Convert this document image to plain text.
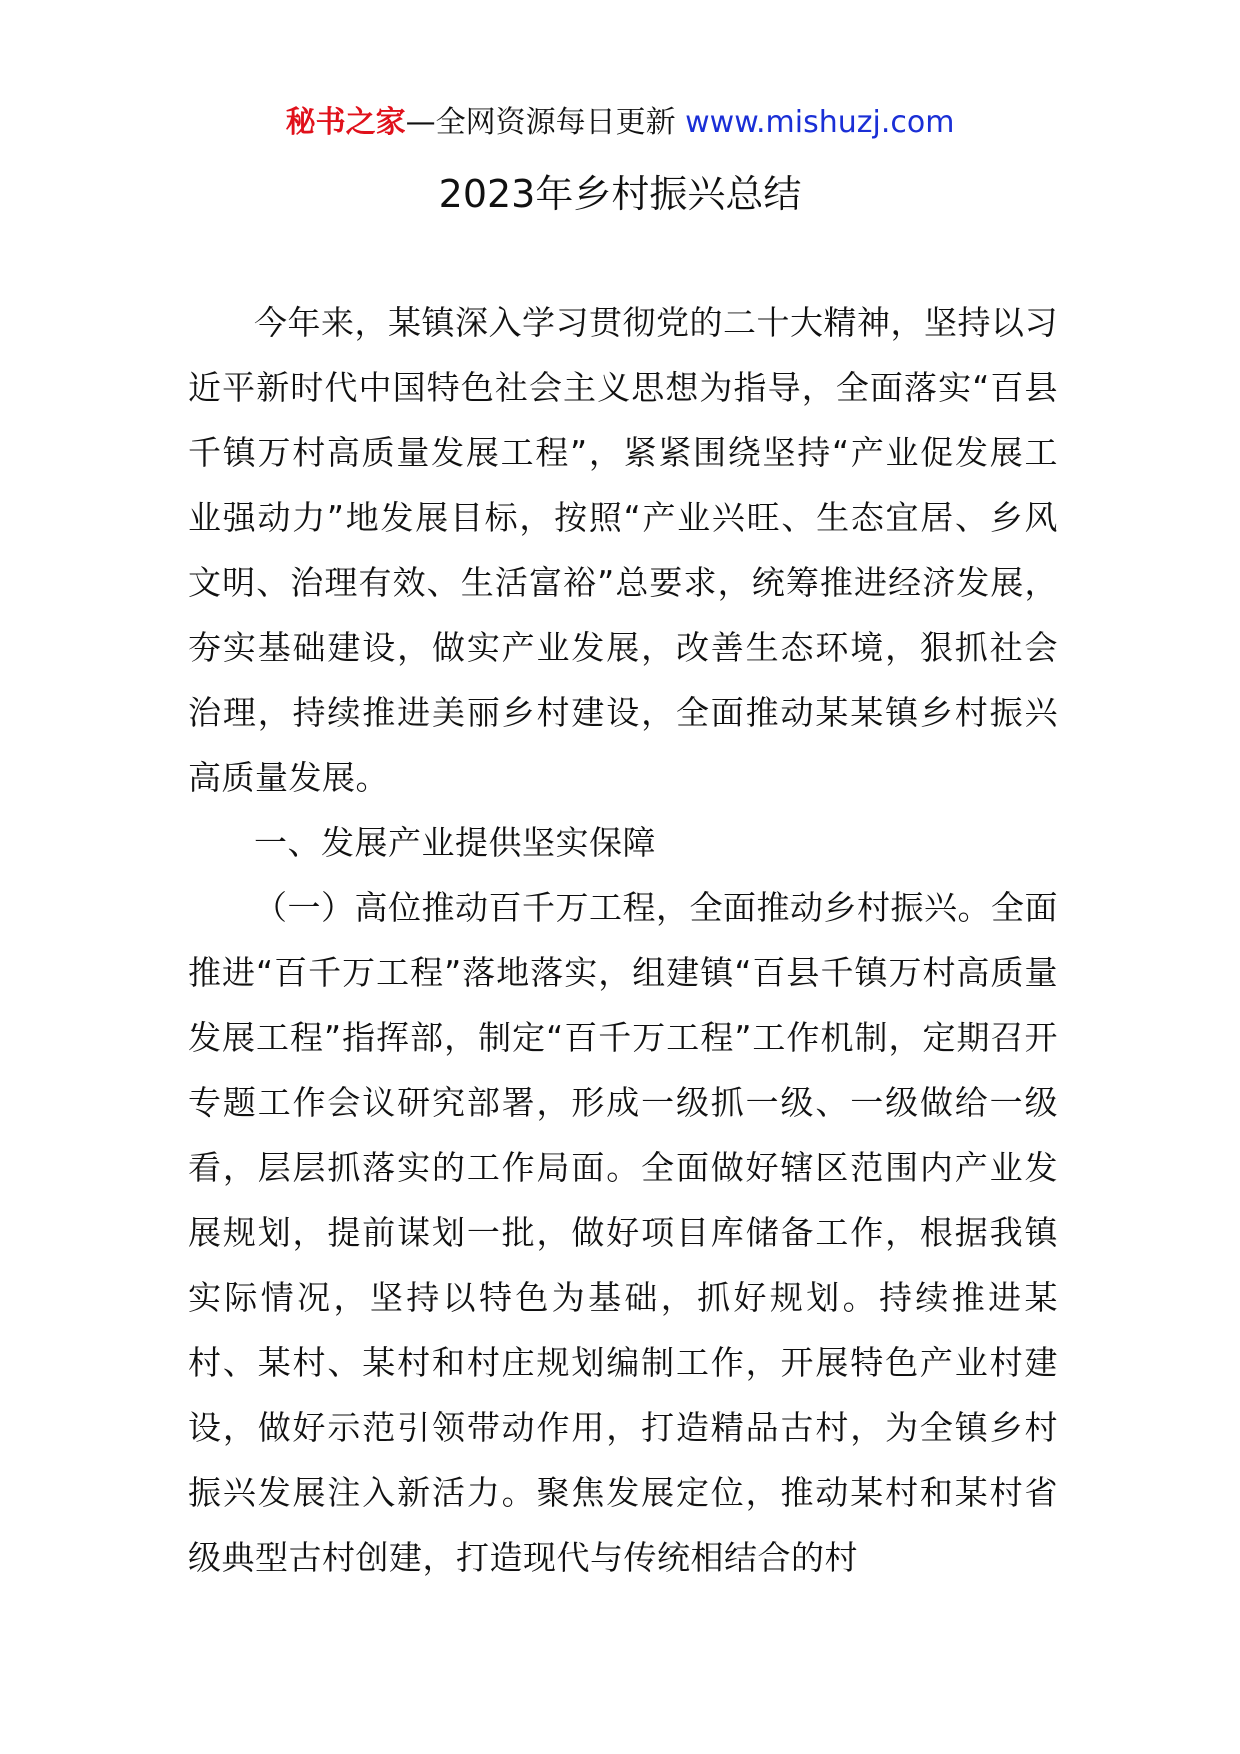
秘书之家—全网资源每日更新 www.mishuzj.com
2023年乡村振兴总结

今年来，某镇深入学习贯彻党的二十大精神，坚持以习近平新时代中国特色社会主义思想为指导，全面落实“百县千镇万村高质量发展工程”，紧紧围绕坚持“产业促发展工业强动力”地发展目标，按照“产业兴旺、生态宜居、乡风文明、治理有效、生活富裕”总要求，统筹推进经济发展，夯实基础建设，做实产业发展，改善生态环境，狠抓社会治理，持续推进美丽乡村建设，全面推动某某镇乡村振兴高质量发展。

一、发展产业提供坚实保障

（一）高位推动百千万工程，全面推动乡村振兴。全面推进“百千万工程”落地落实，组建镇“百县千镇万村高质量发展工程”指挥部，制定“百千万工程”工作机制，定期召开专题工作会议研究部署，形成一级抓一级、一级做给一级看，层层抓落实的工作局面。全面做好辖区范围内产业发展规划，提前谋划一批，做好项目库储备工作，根据我镇实际情况，坚持以特色为基础，抓好规划。持续推进某村、某村、某村和村庄规划编制工作，开展特色产业村建设，做好示范引领带动作用，打造精品古村，为全镇乡村振兴发展注入新活力。聚焦发展定位，推动某村和某村省级典型古村创建，打造现代与传统相结合的村
